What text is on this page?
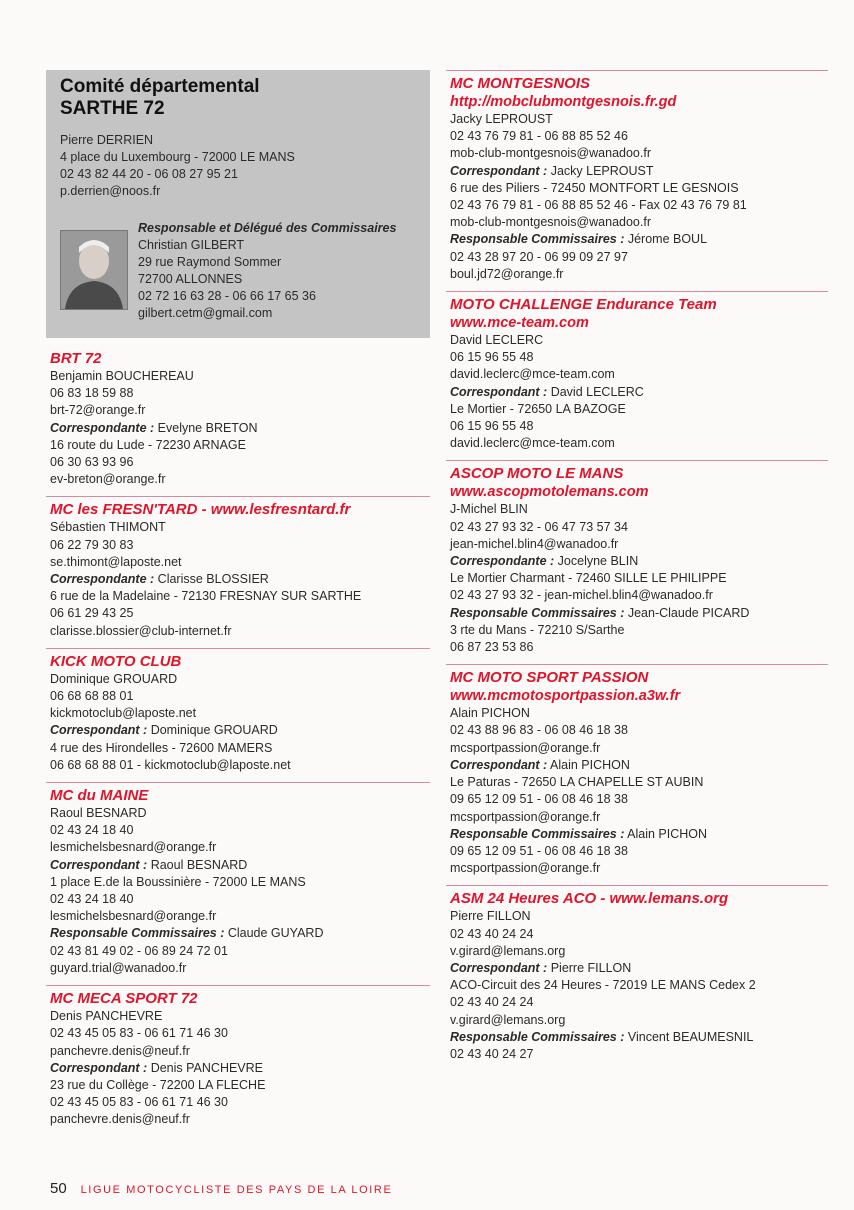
Comité départemental
SARTHE 72
Pierre DERRIEN
4 place du Luxembourg - 72000 LE MANS
02 43 82 44 20 - 06 08 27 95 21
p.derrien@noos.fr
Responsable et Délégué des Commissaires
Christian GILBERT
29 rue Raymond Sommer
72700 ALLONNES
02 72 16 63 28 - 06 66 17 65 36
gilbert.cetm@gmail.com
BRT 72
Benjamin BOUCHEREAU
06 83 18 59 88
brt-72@orange.fr
Correspondante : Evelyne BRETON
16 route du Lude - 72230 ARNAGE
06 30 63 93 96
ev-breton@orange.fr
MC les FRESN'TARD - www.lesfresntard.fr
Sébastien THIMONT
06 22 79 30 83
se.thimont@laposte.net
Correspondante : Clarisse BLOSSIER
6 rue de la Madelaine - 72130 FRESNAY SUR SARTHE
06 61 29 43 25
clarisse.blossier@club-internet.fr
KICK MOTO CLUB
Dominique GROUARD
06 68 68 88 01
kickmotoclub@laposte.net
Correspondant : Dominique GROUARD
4 rue des Hirondelles - 72600 MAMERS
06 68 68 88 01 - kickmotoclub@laposte.net
MC du MAINE
Raoul BESNARD
02 43 24 18 40
lesmichelsbesnard@orange.fr
Correspondant : Raoul BESNARD
1 place E.de la Boussinière - 72000 LE MANS
02 43 24 18 40
lesmichelsbesnard@orange.fr
Responsable Commissaires : Claude GUYARD
02 43 81 49 02 - 06 89 24 72 01
guyard.trial@wanadoo.fr
MC MECA SPORT 72
Denis PANCHEVRE
02 43 45 05 83 - 06 61 71 46 30
panchevre.denis@neuf.fr
Correspondant : Denis PANCHEVRE
23 rue du Collège - 72200 LA FLECHE
02 43 45 05 83 - 06 61 71 46 30
panchevre.denis@neuf.fr
MC MONTGESNOIS
http://mobclubmontgesnois.fr.gd
Jacky LEPROUST
02 43 76 79 81 - 06 88 85 52 46
mob-club-montgesnois@wanadoo.fr
Correspondant : Jacky LEPROUST
6 rue des Piliers - 72450 MONTFORT LE GESNOIS
02 43 76 79 81 - 06 88 85 52 46 - Fax 02 43 76 79 81
mob-club-montgesnois@wanadoo.fr
Responsable Commissaires : Jérome BOUL
02 43 28 97 20 - 06 99 09 27 97
boul.jd72@orange.fr
MOTO CHALLENGE Endurance Team
www.mce-team.com
David LECLERC
06 15 96 55 48
david.leclerc@mce-team.com
Correspondant : David LECLERC
Le Mortier - 72650 LA BAZOGE
06 15 96 55 48
david.leclerc@mce-team.com
ASCOP MOTO LE MANS
www.ascopmotolemans.com
J-Michel BLIN
02 43 27 93 32 - 06 47 73 57 34
jean-michel.blin4@wanadoo.fr
Correspondante : Jocelyne BLIN
Le Mortier Charmant - 72460 SILLE LE PHILIPPE
02 43 27 93 32 - jean-michel.blin4@wanadoo.fr
Responsable Commissaires : Jean-Claude PICARD
3 rte du Mans - 72210 S/Sarthe
06 87 23 53 86
MC MOTO SPORT PASSION
www.mcmotosportpassion.a3w.fr
Alain PICHON
02 43 88 96 83 - 06 08 46 18 38
mcsportpassion@orange.fr
Correspondant : Alain PICHON
Le Paturas - 72650 LA CHAPELLE ST AUBIN
09 65 12 09 51 - 06 08 46 18 38
mcsportpassion@orange.fr
Responsable Commissaires : Alain PICHON
09 65 12 09 51 - 06 08 46 18 38
mcsportpassion@orange.fr
ASM 24 Heures ACO - www.lemans.org
Pierre FILLON
02 43 40 24 24
v.girard@lemans.org
Correspondant : Pierre FILLON
ACO-Circuit des 24 Heures - 72019 LE MANS Cedex 2
02 43 40 24 24
v.girard@lemans.org
Responsable Commissaires : Vincent BEAUMESNIL
02 43 40 24 27
50 LIGUE MOTOCYCLISTE DES PAYS DE LA LOIRE
